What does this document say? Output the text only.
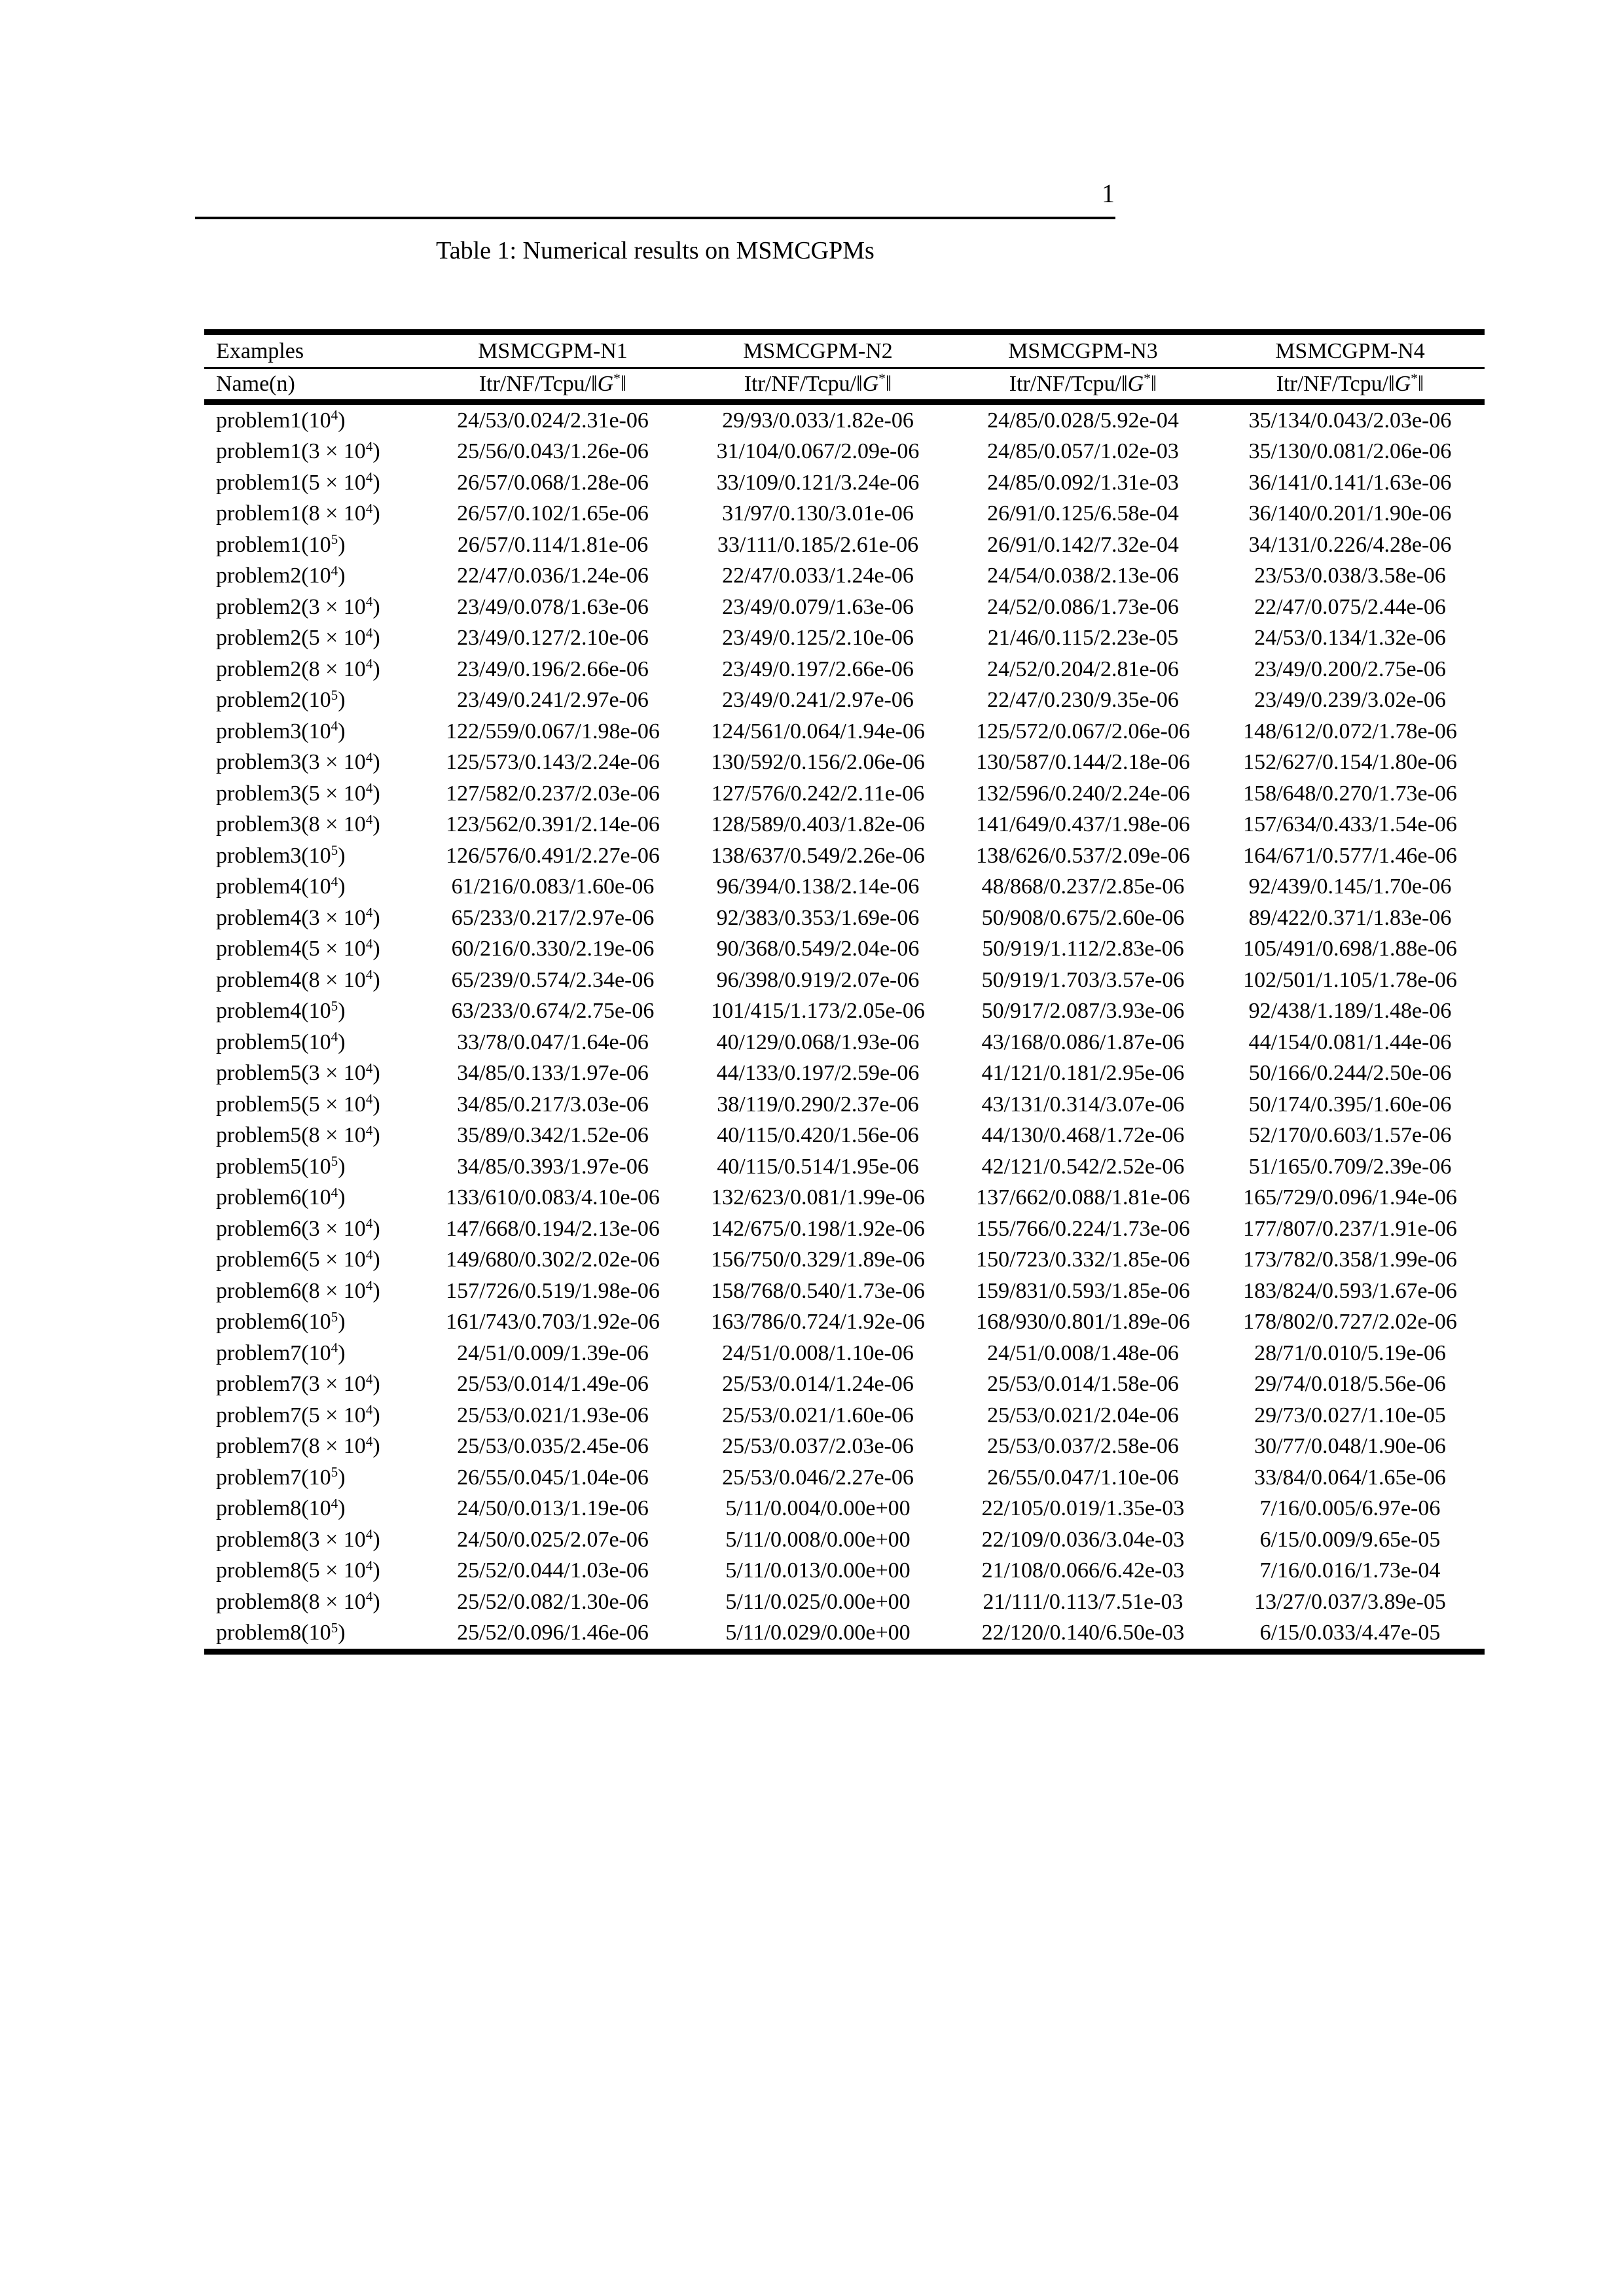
1
Table 1: Numerical results on MSMCGPMs
Examples	MSMCGPM-N1	MSMCGPM-N2	MSMCGPM-N3	MSMCGPM-N4
Name(n)	Itr/NF/Tcpu/‖G*‖	Itr/NF/Tcpu/‖G*‖	Itr/NF/Tcpu/‖G*‖	Itr/NF/Tcpu/‖G*‖
$problem1(10^4)$	24/53/0.024/2.31e-06	29/93/0.033/1.82e-06	24/85/0.028/5.92e-04	35/134/0.043/2.03e-06
problem1(3 × $10^4$)	25/56/0.043/1.26e-06	31/104/0.067/2.09e-06	24/85/0.057/1.02e-03	35/130/0.081/2.06e-06
problem1(5 × $10^4$)	26/57/0.068/1.28e-06	33/109/0.121/3.24e-06	24/85/0.092/1.31e-03	36/141/0.141/1.63e-06
problem1(8 × $10^4$)	26/57/0.102/1.65e-06	31/97/0.130/3.01e-06	26/91/0.125/6.58e-04	36/140/0.201/1.90e-06
$problem1(10^5)$	26/57/0.114/1.81e-06	33/111/0.185/2.61e-06	26/91/0.142/7.32e-04	34/131/0.226/4.28e-06
$problem2(10^4)$	22/47/0.036/1.24e-06	22/47/0.033/1.24e-06	24/54/0.038/2.13e-06	23/53/0.038/3.58e-06
problem2(3 × $10^4$)	23/49/0.078/1.63e-06	23/49/0.079/1.63e-06	24/52/0.086/1.73e-06	22/47/0.075/2.44e-06
problem2(5 × $10^4$)	23/49/0.127/2.10e-06	23/49/0.125/2.10e-06	21/46/0.115/2.23e-05	24/53/0.134/1.32e-06
problem2(8 × $10^4$)	23/49/0.196/2.66e-06	23/49/0.197/2.66e-06	24/52/0.204/2.81e-06	23/49/0.200/2.75e-06
$problem2(10^5)$	23/49/0.241/2.97e-06	23/49/0.241/2.97e-06	22/47/0.230/9.35e-06	23/49/0.239/3.02e-06
$problem3(10^4)$	122/559/0.067/1.98e-06	124/561/0.064/1.94e-06	125/572/0.067/2.06e-06	148/612/0.072/1.78e-06
problem3(3 × $10^4$)	125/573/0.143/2.24e-06	130/592/0.156/2.06e-06	130/587/0.144/2.18e-06	152/627/0.154/1.80e-06
problem3(5 × $10^4$)	127/582/0.237/2.03e-06	127/576/0.242/2.11e-06	132/596/0.240/2.24e-06	158/648/0.270/1.73e-06
problem3(8 × $10^4$)	123/562/0.391/2.14e-06	128/589/0.403/1.82e-06	141/649/0.437/1.98e-06	157/634/0.433/1.54e-06
$problem3(10^5)$	126/576/0.491/2.27e-06	138/637/0.549/2.26e-06	138/626/0.537/2.09e-06	164/671/0.577/1.46e-06
$problem4(10^4)$	61/216/0.083/1.60e-06	96/394/0.138/2.14e-06	48/868/0.237/2.85e-06	92/439/0.145/1.70e-06
problem4(3 × $10^4$)	65/233/0.217/2.97e-06	92/383/0.353/1.69e-06	50/908/0.675/2.60e-06	89/422/0.371/1.83e-06
problem4(5 × $10^4$)	60/216/0.330/2.19e-06	90/368/0.549/2.04e-06	50/919/1.112/2.83e-06	105/491/0.698/1.88e-06
problem4(8 × $10^4$)	65/239/0.574/2.34e-06	96/398/0.919/2.07e-06	50/919/1.703/3.57e-06	102/501/1.105/1.78e-06
$problem4(10^5)$	63/233/0.674/2.75e-06	101/415/1.173/2.05e-06	50/917/2.087/3.93e-06	92/438/1.189/1.48e-06
$problem5(10^4)$	33/78/0.047/1.64e-06	40/129/0.068/1.93e-06	43/168/0.086/1.87e-06	44/154/0.081/1.44e-06
problem5(3 × $10^4$)	34/85/0.133/1.97e-06	44/133/0.197/2.59e-06	41/121/0.181/2.95e-06	50/166/0.244/2.50e-06
problem5(5 × $10^4$)	34/85/0.217/3.03e-06	38/119/0.290/2.37e-06	43/131/0.314/3.07e-06	50/174/0.395/1.60e-06
problem5(8 × $10^4$)	35/89/0.342/1.52e-06	40/115/0.420/1.56e-06	44/130/0.468/1.72e-06	52/170/0.603/1.57e-06
$problem5(10^5)$	34/85/0.393/1.97e-06	40/115/0.514/1.95e-06	42/121/0.542/2.52e-06	51/165/0.709/2.39e-06
$problem6(10^4)$	133/610/0.083/4.10e-06	132/623/0.081/1.99e-06	137/662/0.088/1.81e-06	165/729/0.096/1.94e-06
problem6(3 × $10^4$)	147/668/0.194/2.13e-06	142/675/0.198/1.92e-06	155/766/0.224/1.73e-06	177/807/0.237/1.91e-06
problem6(5 × $10^4$)	149/680/0.302/2.02e-06	156/750/0.329/1.89e-06	150/723/0.332/1.85e-06	173/782/0.358/1.99e-06
problem6(8 × $10^4$)	157/726/0.519/1.98e-06	158/768/0.540/1.73e-06	159/831/0.593/1.85e-06	183/824/0.593/1.67e-06
$problem6(10^5)$	161/743/0.703/1.92e-06	163/786/0.724/1.92e-06	168/930/0.801/1.89e-06	178/802/0.727/2.02e-06
$problem7(10^4)$	24/51/0.009/1.39e-06	24/51/0.008/1.10e-06	24/51/0.008/1.48e-06	28/71/0.010/5.19e-06
problem7(3 × $10^4$)	25/53/0.014/1.49e-06	25/53/0.014/1.24e-06	25/53/0.014/1.58e-06	29/74/0.018/5.56e-06
problem7(5 × $10^4$)	25/53/0.021/1.93e-06	25/53/0.021/1.60e-06	25/53/0.021/2.04e-06	29/73/0.027/1.10e-05
problem7(8 × $10^4$)	25/53/0.035/2.45e-06	25/53/0.037/2.03e-06	25/53/0.037/2.58e-06	30/77/0.048/1.90e-06
$problem7(10^5)$	26/55/0.045/1.04e-06	25/53/0.046/2.27e-06	26/55/0.047/1.10e-06	33/84/0.064/1.65e-06
$problem8(10^4)$	24/50/0.013/1.19e-06	5/11/0.004/0.00e+00	22/105/0.019/1.35e-03	7/16/0.005/6.97e-06
problem8(3 × $10^4$)	24/50/0.025/2.07e-06	5/11/0.008/0.00e+00	22/109/0.036/3.04e-03	6/15/0.009/9.65e-05
problem8(5 × $10^4$)	25/52/0.044/1.03e-06	5/11/0.013/0.00e+00	21/108/0.066/6.42e-03	7/16/0.016/1.73e-04
problem8(8 × $10^4$)	25/52/0.082/1.30e-06	5/11/0.025/0.00e+00	21/111/0.113/7.51e-03	13/27/0.037/3.89e-05
$problem8(10^5)$	25/52/0.096/1.46e-06	5/11/0.029/0.00e+00	22/120/0.140/6.50e-03	6/15/0.033/4.47e-05
